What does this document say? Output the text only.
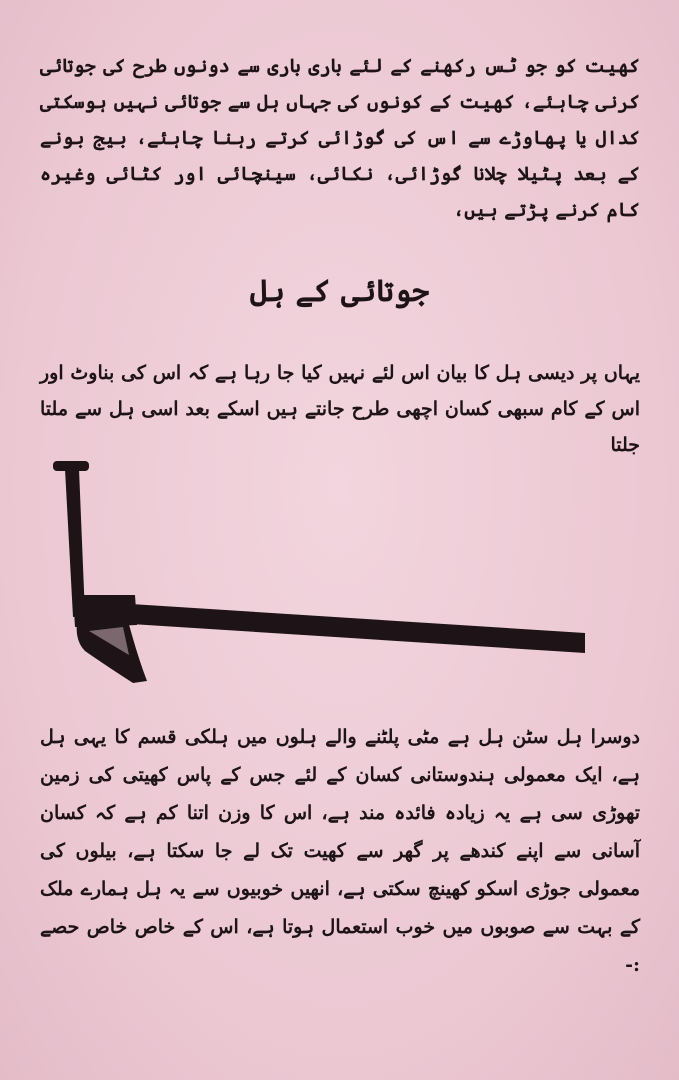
کھیت کو جو ٹس رکھنے کے لئے باری باری سے دونوں طرح کی جوتائی کرنی چاہئے، کھیت کے کونوں کی جہاں ہل سے جوتائی نہیں ہوسکتی کدال یا پھاوڑے سے اس کی گوڑائی کرتے رہنا چاہئے، بیج بونے کے بعد پٹیلا چلانا گوڑائی، نکائی، سینچائی اور کٹائی وغیرہ کام کرنے پڑتے ہیں،

جوتائی کے ہل

یہاں پر دیسی ہل کا بیان اس لئے نہیں کیا جا رہا ہے کہ اس کی بناوٹ اور اس کے کام سبھی کسان اچھی طرح جانتے ہیں اسکے بعد اسی ہل سے ملتا جلتا

دوسرا ہل سٹن ہل ہے مٹی پلٹنے والے ہلوں میں ہلکی قسم کا یہی ہل ہے، ایک معمولی ہندوستانی کسان کے لئے جس کے پاس کھیتی کی زمین تھوڑی سی ہے یہ زیادہ فائدہ مند ہے، اس کا وزن اتنا کم ہے کہ کسان آسانی سے اپنے کندھے پر گھر سے کھیت تک لے جا سکتا ہے، بیلوں کی معمولی جوڑی اسکو کھینچ سکتی ہے، انھیں خوبیوں سے یہ ہل ہمارے ملک کے بہت سے صوبوں میں خوب استعمال ہوتا ہے، اس کے خاص خاص حصے :-
